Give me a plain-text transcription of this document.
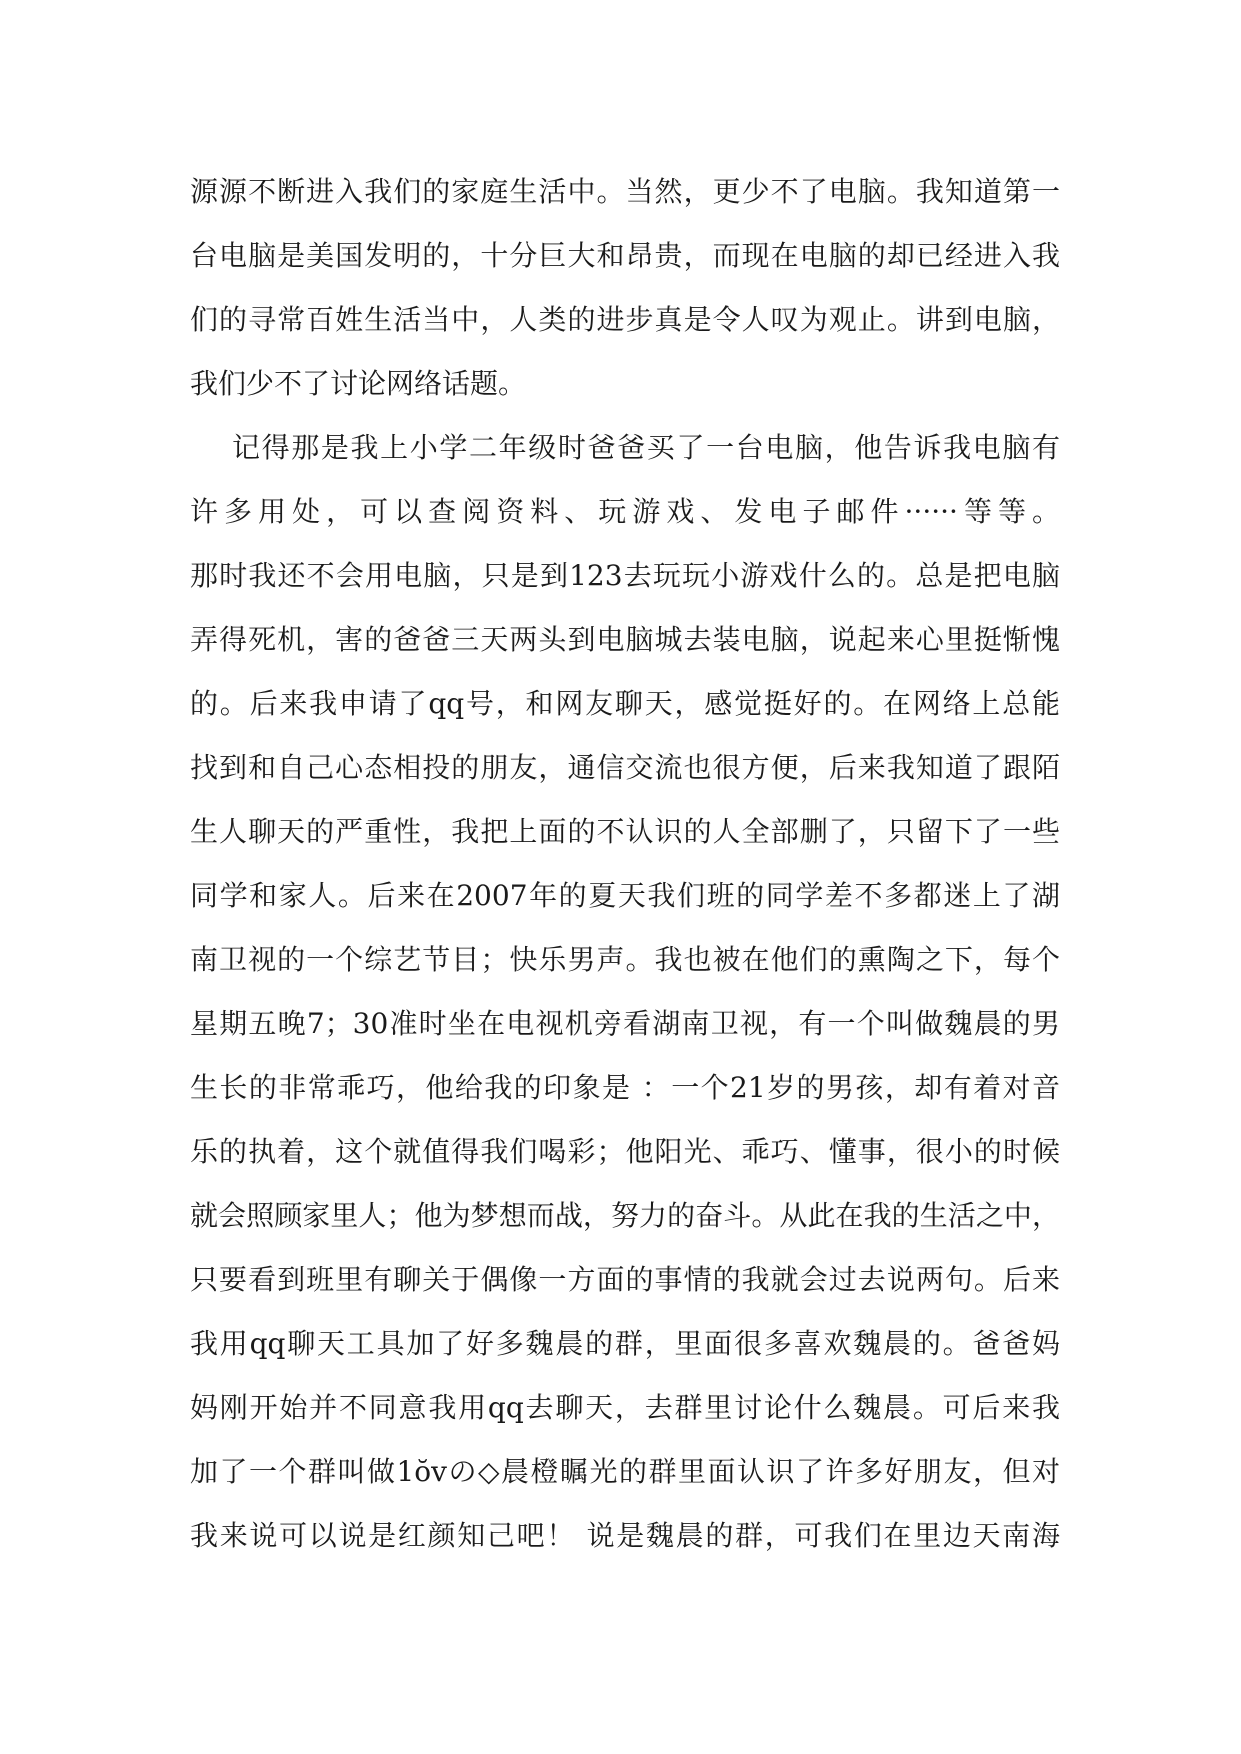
源源不断进入我们的家庭生活中。当然，更少不了电脑。我知道第一
台电脑是美国发明的，十分巨大和昂贵，而现在电脑的却已经进入我
们的寻常百姓生活当中，人类的进步真是令人叹为观止。讲到电脑，
我们少不了讨论网络话题。
记得那是我上小学二年级时爸爸买了一台电脑，他告诉我电脑有
许多用处，可以查阅资料、玩游戏、发电子邮件······等等。
那时我还不会用电脑，只是到123去玩玩小游戏什么的。总是把电脑
弄得死机，害的爸爸三天两头到电脑城去装电脑，说起来心里挺惭愧
的。后来我申请了qq号，和网友聊天，感觉挺好的。在网络上总能
找到和自己心态相投的朋友，通信交流也很方便，后来我知道了跟陌
生人聊天的严重性，我把上面的不认识的人全部删了，只留下了一些
同学和家人。后来在2007年的夏天我们班的同学差不多都迷上了湖
南卫视的一个综艺节目；快乐男声。我也被在他们的熏陶之下，每个
星期五晚7；30准时坐在电视机旁看湖南卫视，有一个叫做魏晨的男
生长的非常乖巧，他给我的印象是 ：一个21岁的男孩，却有着对音
乐的执着，这个就值得我们喝彩；他阳光、乖巧、懂事，很小的时候
就会照顾家里人；他为梦想而战，努力的奋斗。从此在我的生活之中，
只要看到班里有聊关于偶像一方面的事情的我就会过去说两句。后来
我用qq聊天工具加了好多魏晨的群，里面很多喜欢魏晨的。爸爸妈
妈刚开始并不同意我用qq去聊天，去群里讨论什么魏晨。可后来我
加了一个群叫做1ŏvの◇晨橙瞩光的群里面认识了许多好朋友，但对
我来说可以说是红颜知己吧！ 说是魏晨的群，可我们在里边天南海
